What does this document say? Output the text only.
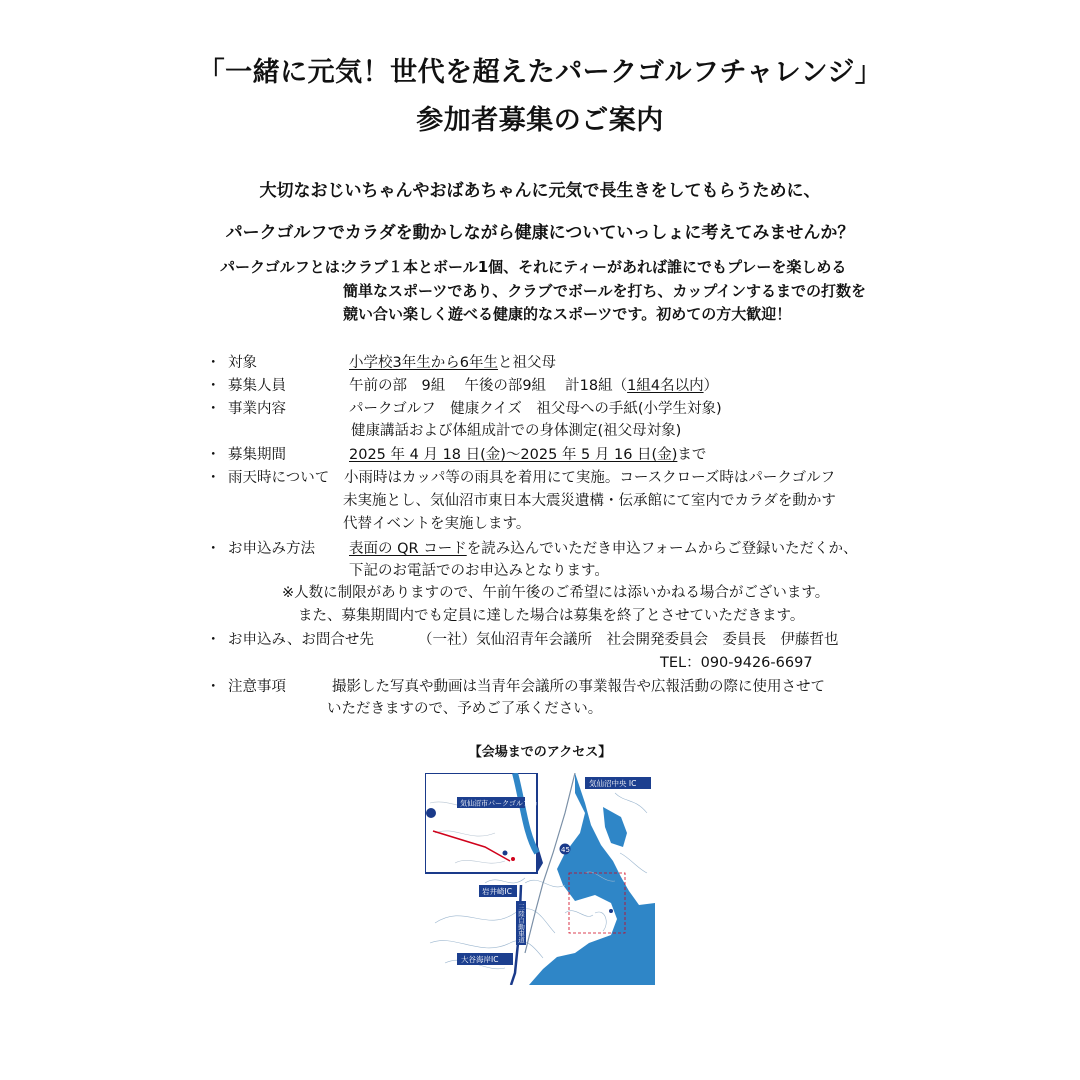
「一緒に元気！世代を超えたパークゴルフチャレンジ」
参加者募集のご案内
大切なおじいちゃんやおばあちゃんに元気で長生きをしてもらうために、
パークゴルフでカラダを動かしながら健康についていっしょに考えてみませんか？
パークゴルフとは：
クラブ１本とボール1個、それにティーがあれば誰にでもプレーを楽しめる
簡単なスポーツであり、クラブでボールを打ち、カップインするまでの打数を
競い合い楽しく遊べる健康的なスポーツです。初めての方大歓迎！
・ 対象	小学校3年生から6年生と祖父母
・ 募集人員	午前の部　9組　 午後の部9組　 計18組（1組4名以内）
・ 事業内容	パークゴルフ　健康クイズ　祖父母への手紙(小学生対象)
健康講話および体組成計での身体測定(祖父母対象)
・ 募集期間	2025 年 4 月 18 日(金)～2025 年 5 月 16 日(金)まで
・ 雨天時について 小雨時はカッパ等の雨具を着用にて実施。コースクローズ時はパークゴルフ
未実施とし、気仙沼市東日本大震災遺構・伝承館にて室内でカラダを動かす
代替イベントを実施します。
・ お申込み方法 表面の QR コードを読み込んでいただき申込フォームからご登録いただくか、
下記のお電話でのお申込みとなります。
※人数に制限がありますので、午前午後のご希望には添いかねる場合がございます。
また、募集期間内でも定員に達した場合は募集を終了とさせていただきます。
・ お申込み、お問合せ先	（一社）気仙沼青年会議所　社会開発委員会　委員長　伊藤哲也
TEL：090-9426-6697
・ 注意事項	撮影した写真や動画は当青年会議所の事業報告や広報活動の際に使用させて
いただきますので、予めご了承ください。
【会場までのアクセス】
気仙沼市パークゴルフ場
気仙沼中央 IC
岩井崎IC
大谷海岸IC
三陸自動車道
45
